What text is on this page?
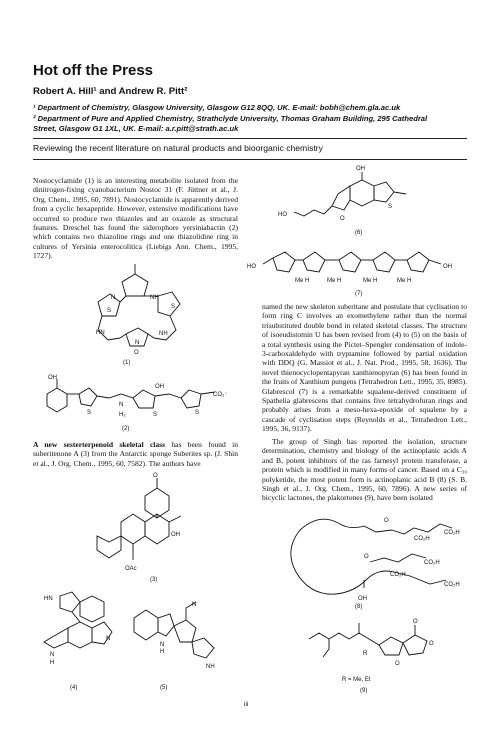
Hot off the Press
Robert A. Hill¹ and Andrew R. Pitt²
¹ Department of Chemistry, Glasgow University, Glasgow G12 8QQ, UK. E-mail: bobh@chem.gla.ac.uk
² Department of Pure and Applied Chemistry, Strathclyde University, Thomas Graham Building, 295 Cathedral
Street, Glasgow G1 1XL, UK. E-mail: a.r.pitt@strath.ac.uk
Reviewing the recent literature on natural products and bioorganic chemistry
Nostocyclamide (1) is an interesting metabolite isolated from the dinitrogen-fixing cyanobacterium Nostoc 31 (F. Jüttner et al., J. Org. Chem., 1995, 60, 7891). Nostocyclamide is apparently derived from a cyclic hexapeptide. However, extensive modifications have occurred to produce two thiazoles and an oxazole as structural features. Dreschel has found the siderophore yersiniabactin (2) which contains two thiazoline rings and one thiazolidine ring in cultures of Yersinia enterocolitica (Liebigs Ann. Chem., 1995, 1727).
S
N	NH
S
HN	NH
N
O
(1)
OH
S
N
H₂	S	S
CO₂⁻
OH
(2)
A new sesterterpenoid skeletal class has been found in suberitenone A (3) from the Antarctic sponge Suberites sp. (J. Shin et al., J. Org. Chem., 1995, 60, 7582). The authors have
O
OH
OAc
(3)
HN
N
H
N
(4)
N
H
N
NH
(5)
OH
O
S
HO
(6)
HO	OH
Me H	Me H	Me H	Me H
(7)
named the new skeleton suberitane and postulate that cyclisation to form ring C involves an exomethylene rather than the normal trisubstituted double bond in related skeletal classes. The structure of isoeudistomin U has been revised from (4) to (5) on the basis of a total synthesis using the Pictet–Spengler condensation of indole-3-carboxaldehyde with tryptamine followed by partial oxidation with DDQ (G. Massiot et al., J. Nat. Prod., 1995, 58, 1636). The novel thienocyclopentapyran xanthienopyran (6) has been found in the fruits of Xanthium pungens (Tetrahedron Lett., 1995, 35, 8985). Glabrescol (7) is a remarkable squalene-derived constituent of Spathelia glabrescens that contains five tetrahydrofuran rings and probably arises from a meso-hexa-epoxide of squalene by a cascade of cyclisation steps (Reynolds et al., Tetrahedron Lett., 1995, 36, 9137).
The group of Singh has reported the isolation, structure determination, chemistry and biology of the actinoplanic acids A and B, potent inhibitors of the ras farnesyl protein transferase, a protein which is modified in many forms of cancer. Based on a C₃₀ polyketide, the most potent form is actinoplanic acid B (8) (S. B. Singh et al., J. Org. Chem., 1995, 60, 7896). A new series of bicyclic lactones, the plakortones (9), have been isolated
O
CO₂H
CO₂H
CO₂H
CO₂H
CO₂H
OH
O
(8)
R
O
O
O
R = Me, Et
(9)
iii
